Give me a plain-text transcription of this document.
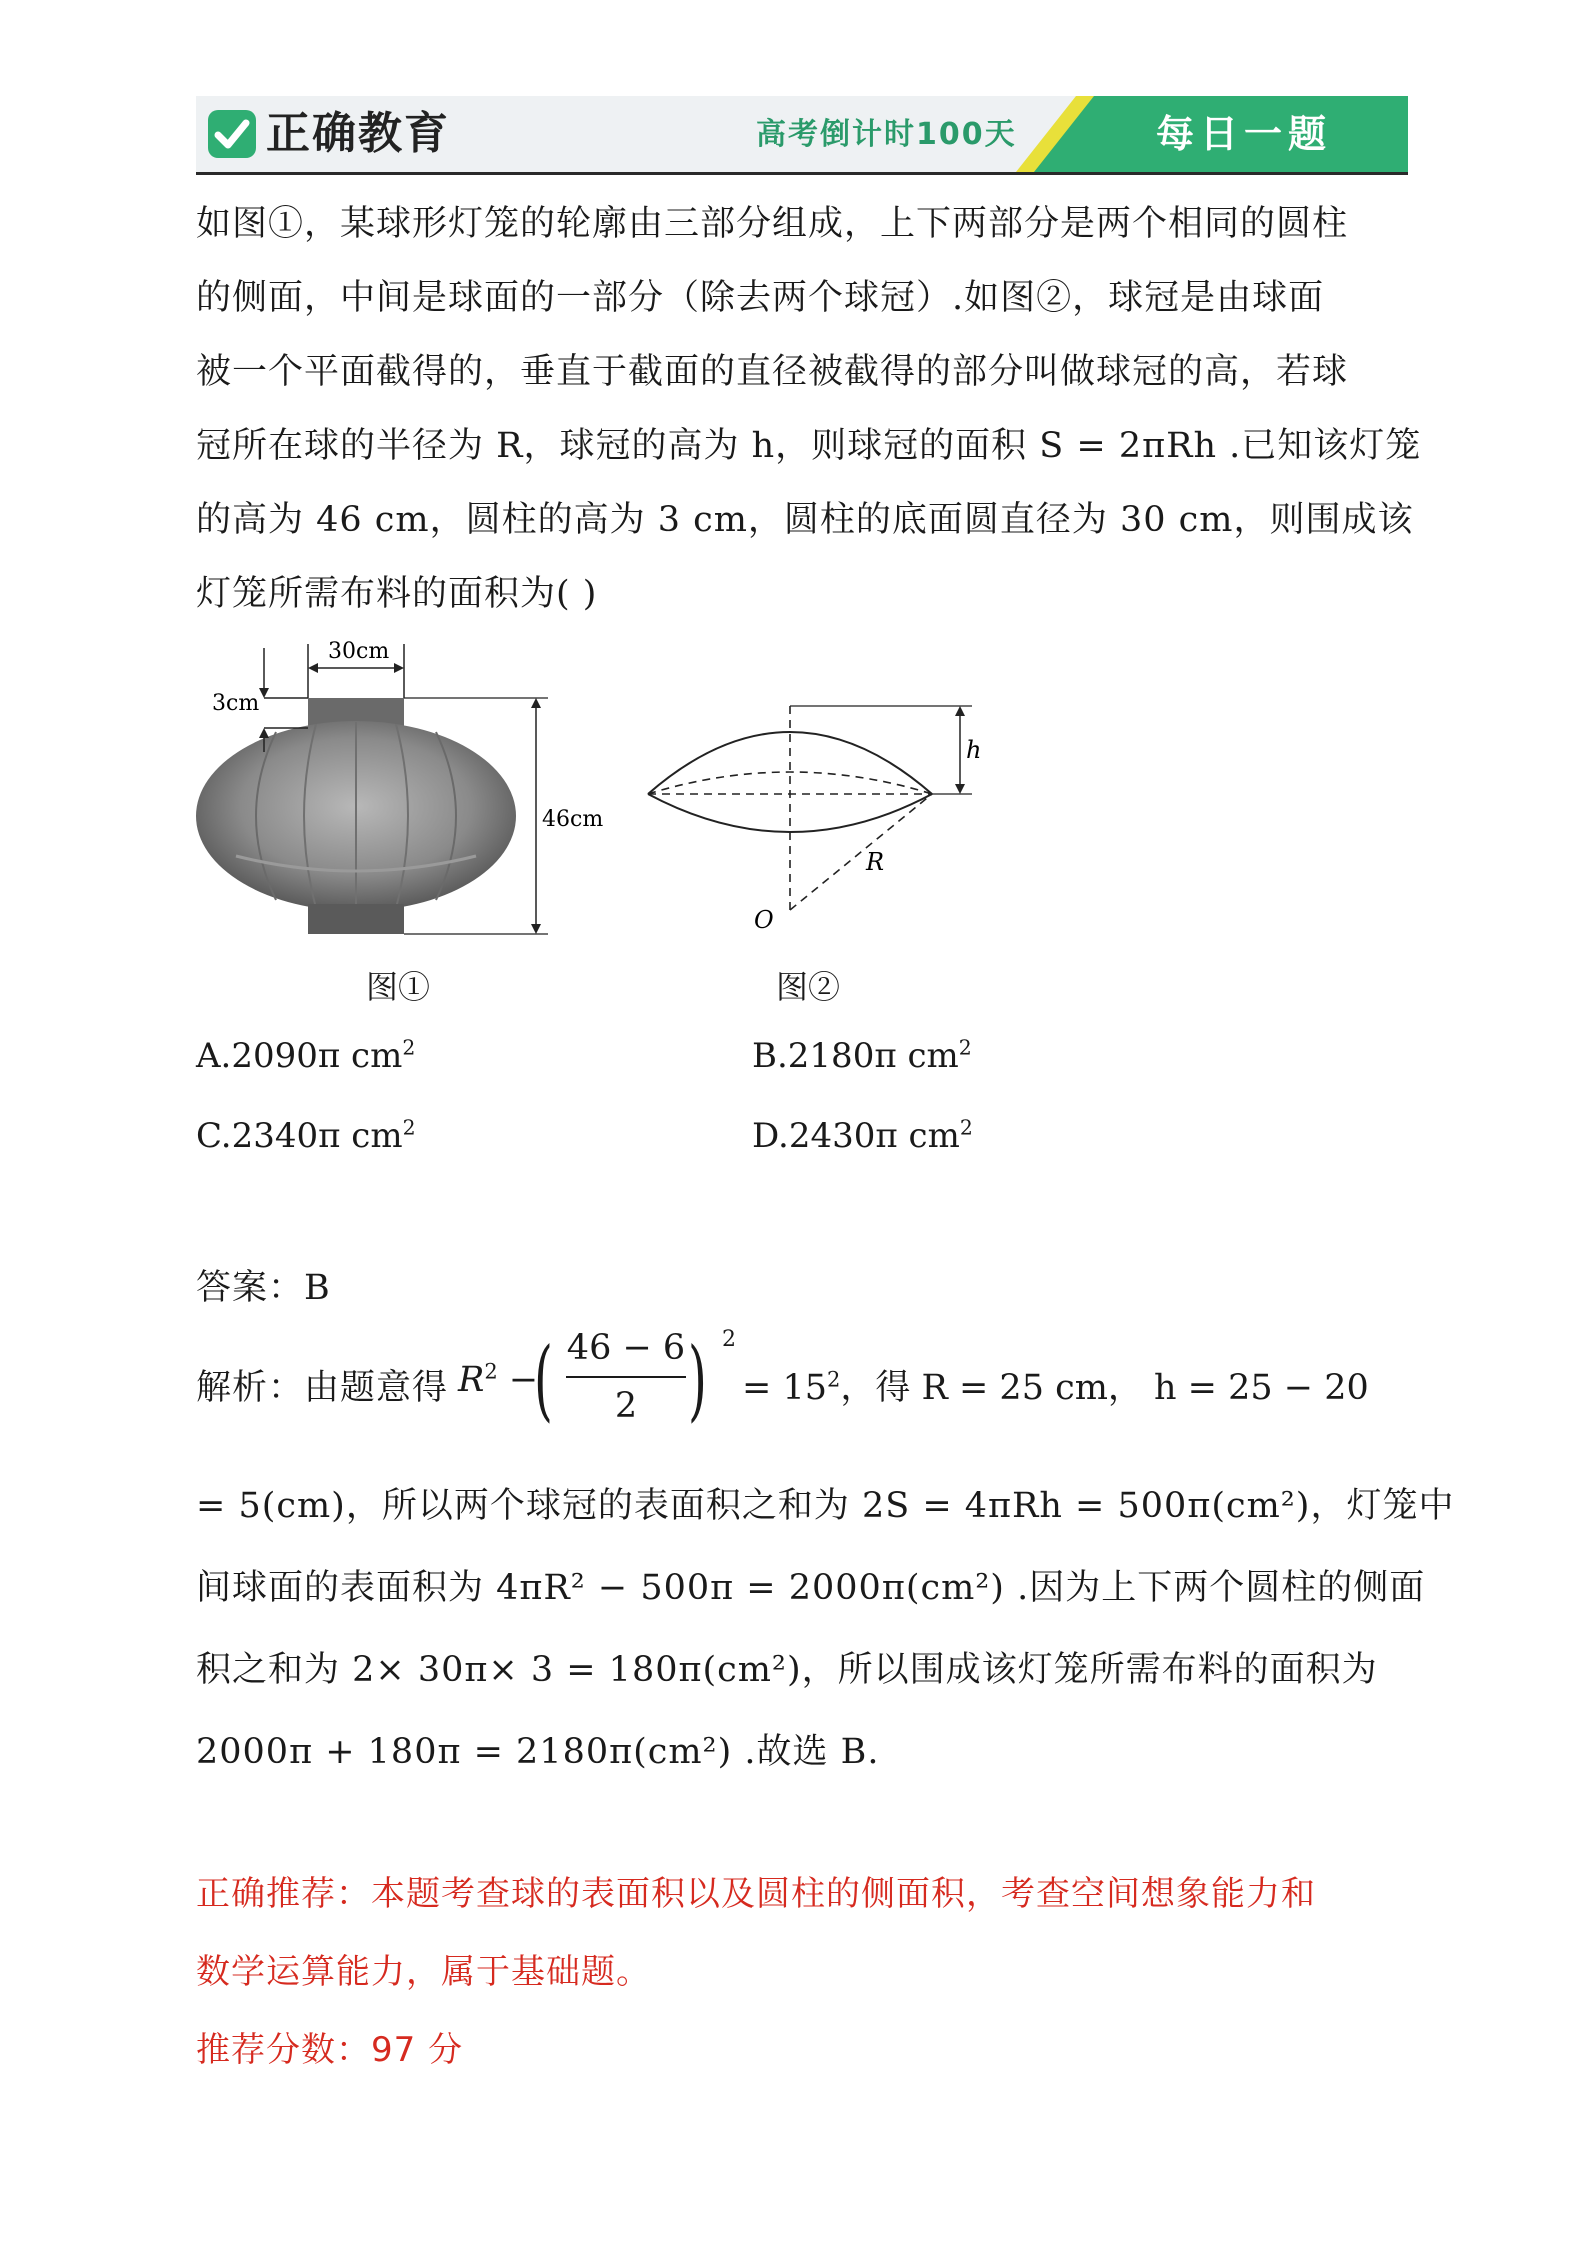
正确教育	高考倒计时100天	每日一题
如图①，某球形灯笼的轮廓由三部分组成，上下两部分是两个相同的圆柱
的侧面，中间是球面的一部分（除去两个球冠）.如图②，球冠是由球面
被一个平面截得的，垂直于截面的直径被截得的部分叫做球冠的高，若球
冠所在球的半径为 R，球冠的高为 h，则球冠的面积 S = 2πRh .已知该灯笼
的高为 46 cm，圆柱的高为 3 cm，圆柱的底面圆直径为 30 cm，则围成该
灯笼所需布料的面积为( )
30cm
3cm
46cm
图①
h
R
O
图②
A.2090π $cm^2$	B.2180π $cm^2$
C.2340π $cm^2$	D.2430π $cm^2$
答案：B
解析：由题意得 $R^2$ −
( 46 − 6
2 ) 2
= $15^2$，得 R = 25 cm， h = 25 − 20
= 5(cm)，所以两个球冠的表面积之和为 2S = 4πRh = 500π(cm²)，灯笼中
间球面的表面积为 4πR² − 500π = 2000π(cm²) .因为上下两个圆柱的侧面
积之和为 2× 30π× 3 = 180π(cm²)，所以围成该灯笼所需布料的面积为
2000π + 180π = 2180π(cm²) .故选 B.
正确推荐：本题考查球的表面积以及圆柱的侧面积，考查空间想象能力和
数学运算能力，属于基础题。
推荐分数：97 分
